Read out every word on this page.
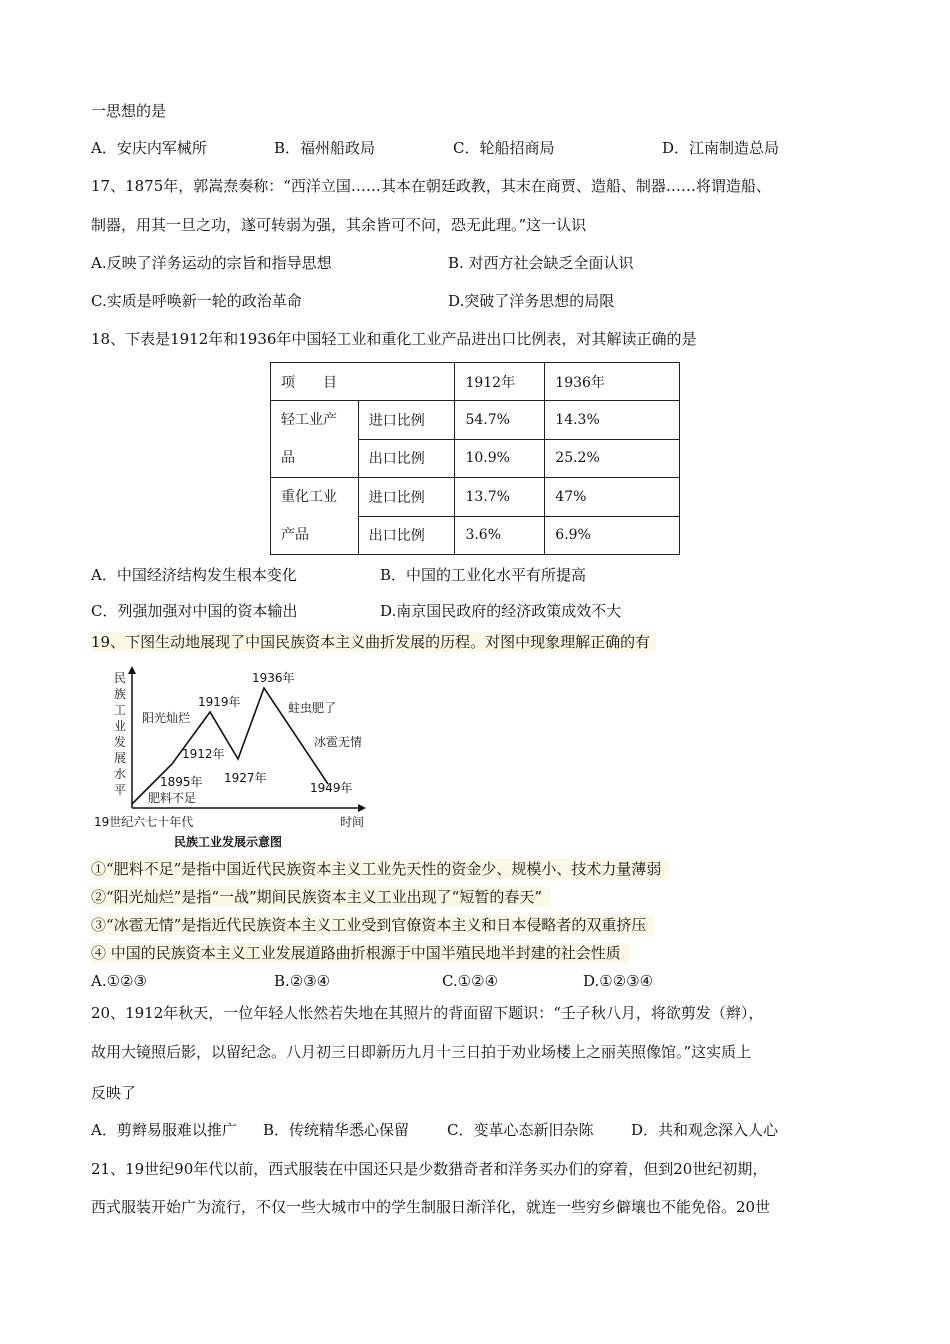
一思想的是
A．安庆内军械所	B．福州船政局	C．轮船招商局	D．江南制造总局
17、1875年，郭嵩焘奏称：“西洋立国……其本在朝廷政教，其末在商贾、造船、制器……将谓造船、
制器，用其一旦之功，遂可转弱为强，其余皆可不问，恐无此理。”这一认识
A.反映了洋务运动的宗旨和指导思想	B. 对西方社会缺乏全面认识
C.实质是呼唤新一轮的政治革命	D.突破了洋务思想的局限
18、下表是1912年和1936年中国轻工业和重化工业产品进出口比例表，对其解读正确的是
项　　目		1912年	1936年
轻工业产
品	进口比例	54.7%	14.3%
	出口比例	10.9%	25.2%
重化工业
产品	进口比例	13.7%	47%
	出口比例	3.6%	6.9%
A．中国经济结构发生根本变化	B．中国的工业化水平有所提高
C．列强加强对中国的资本输出	D.南京国民政府的经济政策成效不大
19、下图生动地展现了中国民族资本主义曲折发展的历程。对图中现象理解正确的有
民
族
工
业
发
展
水
平
1895年
1912年
1919年
1927年
1936年
1949年
肥料不足
阳光灿烂
蛀虫肥了
冰雹无情
19世纪六七十年代	时间
民族工业发展示意图
①“肥料不足”是指中国近代民族资本主义工业先天性的资金少、规模小、技术力量薄弱
②“阳光灿烂”是指“一战”期间民族资本主义工业出现了“短暂的春天”
③“冰雹无情”是指近代民族资本主义工业受到官僚资本主义和日本侵略者的双重挤压
④ 中国的民族资本主义工业发展道路曲折根源于中国半殖民地半封建的社会性质
A.①②③	B.②③④	C.①②④	D.①②③④
20、1912年秋天，一位年轻人怅然若失地在其照片的背面留下题识：“壬子秋八月，将欲剪发（辫），
故用大镜照后影，以留纪念。八月初三日即新历九月十三日拍于劝业场楼上之丽芙照像馆。”这实质上
反映了
A．剪辫易服难以推广 B．传统精华悉心保留	C．变革心态新旧杂陈	D．共和观念深入人心
21、19世纪90年代以前，西式服装在中国还只是少数猎奇者和洋务买办们的穿着，但到20世纪初期，
西式服装开始广为流行，不仅一些大城市中的学生制服日渐洋化，就连一些穷乡僻壤也不能免俗。20世
